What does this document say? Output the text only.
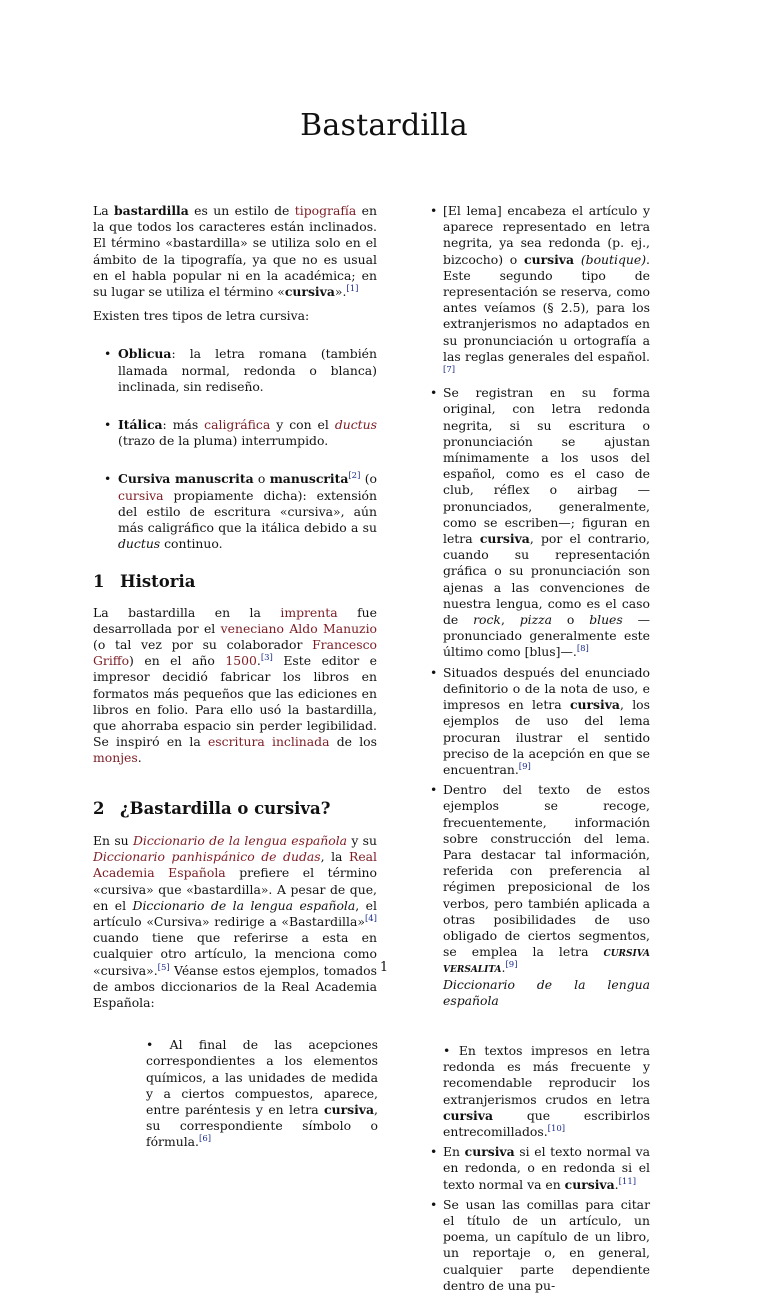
Bastardilla

La bastardilla es un estilo de tipografía en la que todos los caracteres están inclinados. El término «bastardilla» se utiliza solo en el ámbito de la tipografía, ya que no es usual en el habla popular ni en la académica; en su lugar se utiliza el término «cursiva».[1]

Existen tres tipos de letra cursiva:

• Oblicua: la letra romana (también llamada normal, redonda o blanca) inclinada, sin rediseño.
• Itálica: más caligráfica y con el ductus (trazo de la pluma) interrumpido.
• Cursiva manuscrita o manuscrita[2] (o cursiva propiamente dicha): extensión del estilo de escritura «cursiva», aún más caligráfico que la itálica debido a su ductus continuo.
1 Historia

La bastardilla en la imprenta fue desarrollada por el veneciano Aldo Manuzio (o tal vez por su colaborador Francesco Griffo) en el año 1500.[3] Este editor e impresor decidió fabricar los libros en formatos más pequeños que las ediciones en libros en folio. Para ello usó la bastardilla, que ahorraba espacio sin perder legibilidad. Se inspiró en la escritura inclinada de los monjes.

2 ¿Bastardilla o cursiva?

En su Diccionario de la lengua española y su Diccionario panhispánico de dudas, la Real Academia Española prefiere el término «cursiva» que «bastardilla». A pesar de que, en el Diccionario de la lengua española, el artículo «Cursiva» redirige a «Bastardilla»[4] cuando tiene que referirse a esta en cualquier otro artículo, la menciona como «cursiva».[5] Véanse estos ejemplos, tomados de ambos diccionarios de la Real Academia Española:

• Al final de las acepciones correspondientes a los elementos químicos, a las unidades de medida y a ciertos compuestos, aparece, entre paréntesis y en letra cursiva, su correspondiente símbolo o fórmula.[6]

• [El lema] encabeza el artículo y aparece representado en letra negrita, ya sea redonda (p. ej., bizcocho) o cursiva (boutique). Este segundo tipo de representación se reserva, como antes veíamos (§ 2.5), para los extranjerismos no adaptados en su pronunciación u ortografía a las reglas generales del español.[7]
• Se registran en su forma original, con letra redonda negrita, si su escritura o pronunciación se ajustan mínimamente a los usos del español, como es el caso de club, réflex o airbag —pronunciados, generalmente, como se escriben—; figuran en letra cursiva, por el contrario, cuando su representación gráfica o su pronunciación son ajenas a las convenciones de nuestra lengua, como es el caso de rock, pizza o blues —pronunciado generalmente este último como [blus]—.[8]
• Situados después del enunciado definitorio o de la nota de uso, e impresos en letra cursiva, los ejemplos de uso del lema procuran ilustrar el sentido preciso de la acepción en que se encuentran.[9]
• Dentro del texto de estos ejemplos se recoge, frecuentemente, información sobre construcción del lema. Para destacar tal información, referida con preferencia al régimen preposicional de los verbos, pero también aplicada a otras posibilidades de uso obligado de ciertos segmentos, se emplea la letra cursiva versalita.[9]
Diccionario de la lengua española
• En textos impresos en letra redonda es más frecuente y recomendable reproducir los extranjerismos crudos en letra cursiva que escribirlos entrecomillados.[10]
• En cursiva si el texto normal va en redonda, o en redonda si el texto normal va en cursiva.[11]
• Se usan las comillas para citar el título de un artículo, un poema, un capítulo de un libro, un reportaje o, en general, cualquier parte dependiente dentro de una pu-
1
